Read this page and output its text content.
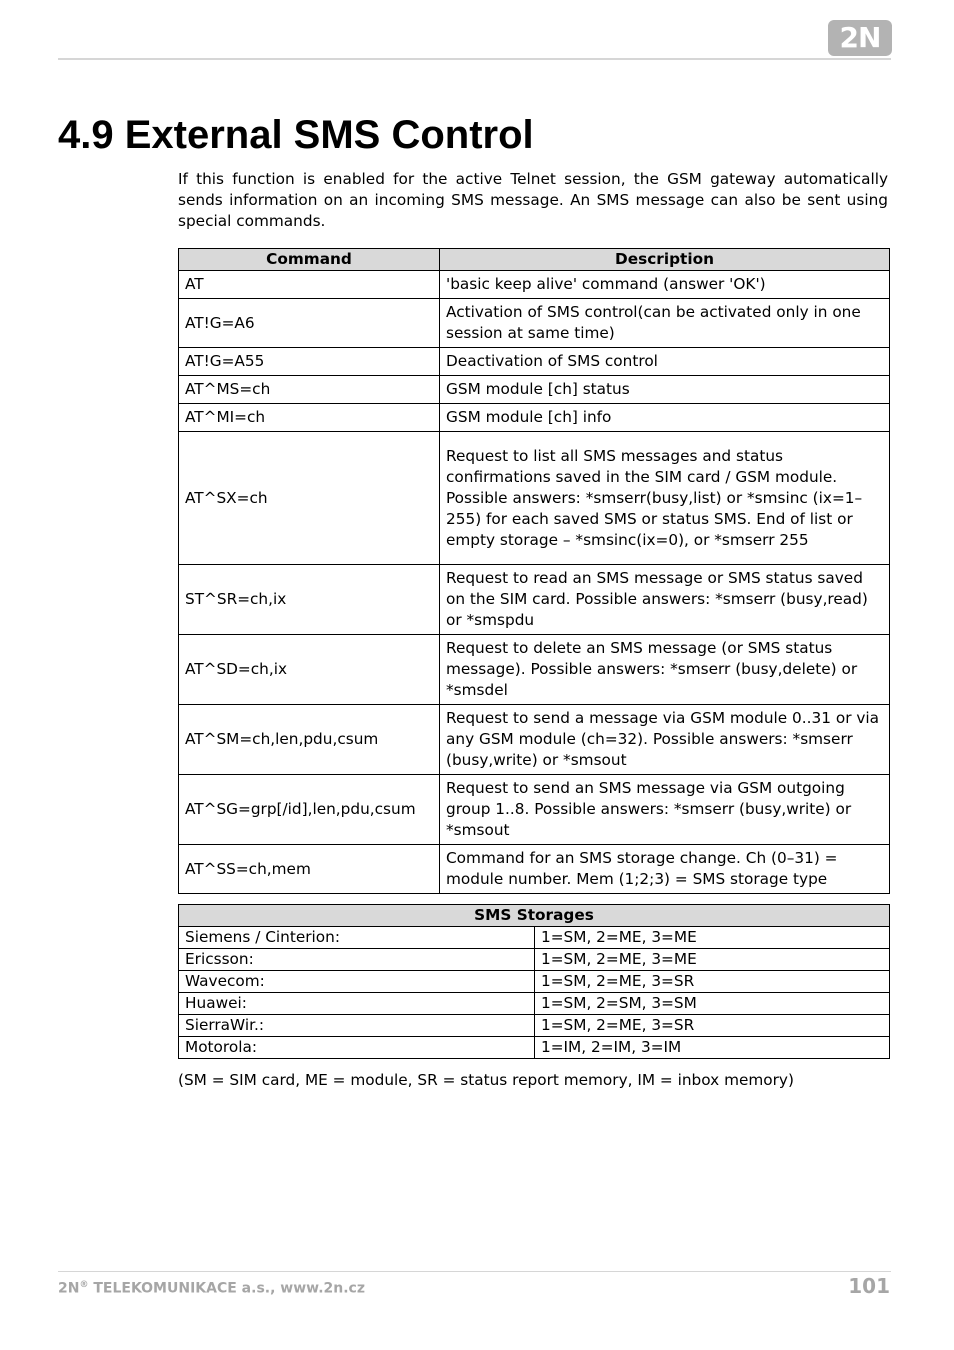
2N
4.9 External SMS Control

If this function is enabled for the active Telnet session, the GSM gateway automatically sends information on an incoming SMS message. An SMS message can also be sent using special commands.

Command	Description
AT	'basic keep alive' command (answer 'OK')
AT!G=A6	Activation of SMS control(can be activated only in one session at same time)
AT!G=A55	Deactivation of SMS control
AT^MS=ch	GSM module [ch] status
AT^MI=ch	GSM module [ch] info
AT^SX=ch	Request to list all SMS messages and status confirmations saved in the SIM card / GSM module. Possible answers: *smserr(busy,list) or *smsinc (ix=1–255) for each saved SMS or status SMS. End of list or empty storage – *smsinc(ix=0), or *smserr 255
ST^SR=ch,ix	Request to read an SMS message or SMS status saved on the SIM card. Possible answers: *smserr (busy,read) or *smspdu
AT^SD=ch,ix	Request to delete an SMS message (or SMS status message). Possible answers: *smserr (busy,delete) or *smsdel
AT^SM=ch,len,pdu,csum	Request to send a message via GSM module 0..31 or via any GSM module (ch=32). Possible answers: *smserr (busy,write) or *smsout
AT^SG=grp[/id],len,pdu,csum	Request to send an SMS message via GSM outgoing group 1..8. Possible answers: *smserr (busy,write) or *smsout
AT^SS=ch,mem	Command for an SMS storage change. Ch (0–31) = module number. Mem (1;2;3) = SMS storage type
SMS Storages	
Siemens / Cinterion:	1=SM, 2=ME, 3=ME
Ericsson:	1=SM, 2=ME, 3=ME
Wavecom:	1=SM, 2=ME, 3=SR
Huawei:	1=SM, 2=SM, 3=SM
SierraWir.:	1=SM, 2=ME, 3=SR
Motorola:	1=IM, 2=IM, 3=IM

(SM = SIM card, ME = module, SR = status report memory, IM = inbox memory)

2N® TELEKOMUNIKACE a.s., www.2n.cz	101
